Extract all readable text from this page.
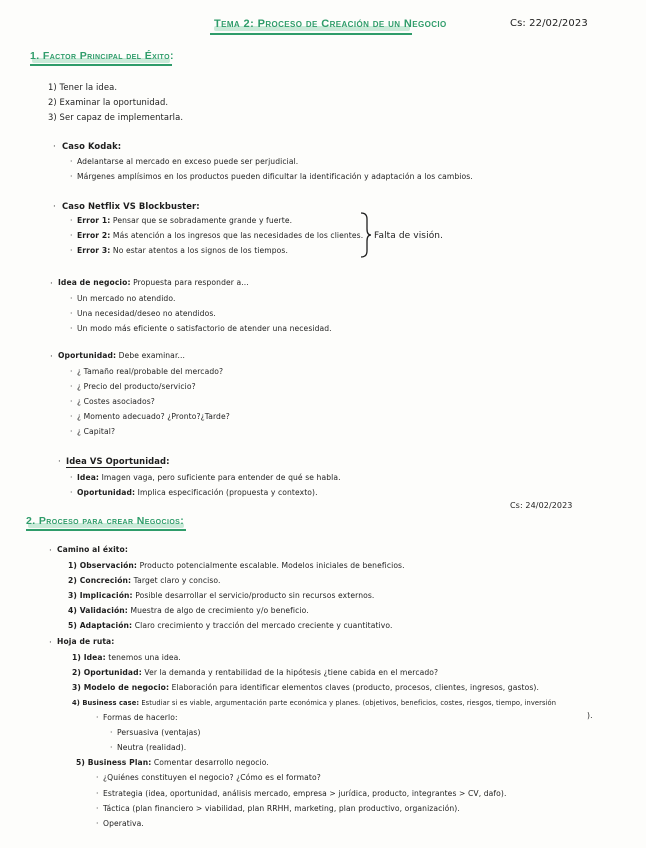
Tema 2: Proceso de Creación de un Negocio	Cs: 22/02/2023
1. Factor Principal del Éxito:
1) Tener la idea.
2) Examinar la oportunidad.
3) Ser capaz de implementarla.
· Caso Kodak:
· Adelantarse al mercado en exceso puede ser perjudicial.
· Márgenes amplísimos en los productos pueden dificultar la identificación y adaptación a los cambios.
· Caso Netflix VS Blockbuster:
· Error 1: Pensar que se sobradamente grande y fuerte.
· Error 2: Más atención a los ingresos que las necesidades de los clientes.
· Error 3: No estar atentos a los signos de los tiempos.
Falta de visión.
· Idea de negocio: Propuesta para responder a...
· Un mercado no atendido.
· Una necesidad/deseo no atendidos.
· Un modo más eficiente o satisfactorio de atender una necesidad.
· Oportunidad: Debe examinar...
· ¿ Tamaño real/probable del mercado?
· ¿ Precio del producto/servicio?
· ¿ Costes asociados?
· ¿ Momento adecuado? ¿Pronto?¿Tarde?
· ¿ Capital?
· Idea VS Oportunidad:
· Idea: Imagen vaga, pero suficiente para entender de qué se habla.
· Oportunidad: Implica especificación (propuesta y contexto).
Cs: 24/02/2023
2. Proceso para crear Negocios:
· Camino al éxito:
1) Observación: Producto potencialmente escalable. Modelos iniciales de beneficios.
2) Concreción: Target claro y conciso.
3) Implicación: Posible desarrollar el servicio/producto sin recursos externos.
4) Validación: Muestra de algo de crecimiento y/o beneficio.
5) Adaptación: Claro crecimiento y tracción del mercado creciente y cuantitativo.
· Hoja de ruta:
1) Idea: tenemos una idea.
2) Oportunidad: Ver la demanda y rentabilidad de la hipótesis ¿tiene cabida en el mercado?
3) Modelo de negocio: Elaboración para identificar elementos claves (producto, procesos, clientes, ingresos, gastos).
4) Business case: Estudiar si es viable, argumentación parte económica y planes. (objetivos, beneficios, costes, riesgos, tiempo, inversión
).
· Formas de hacerlo:
· Persuasiva (ventajas)
· Neutra (realidad).
5) Business Plan: Comentar desarrollo negocio.
· ¿Quiénes constituyen el negocio? ¿Cómo es el formato?
· Estrategia (idea, oportunidad, análisis mercado, empresa > jurídica, producto, integrantes > CV, dafo).
· Táctica (plan financiero > viabilidad, plan RRHH, marketing, plan productivo, organización).
· Operativa.
